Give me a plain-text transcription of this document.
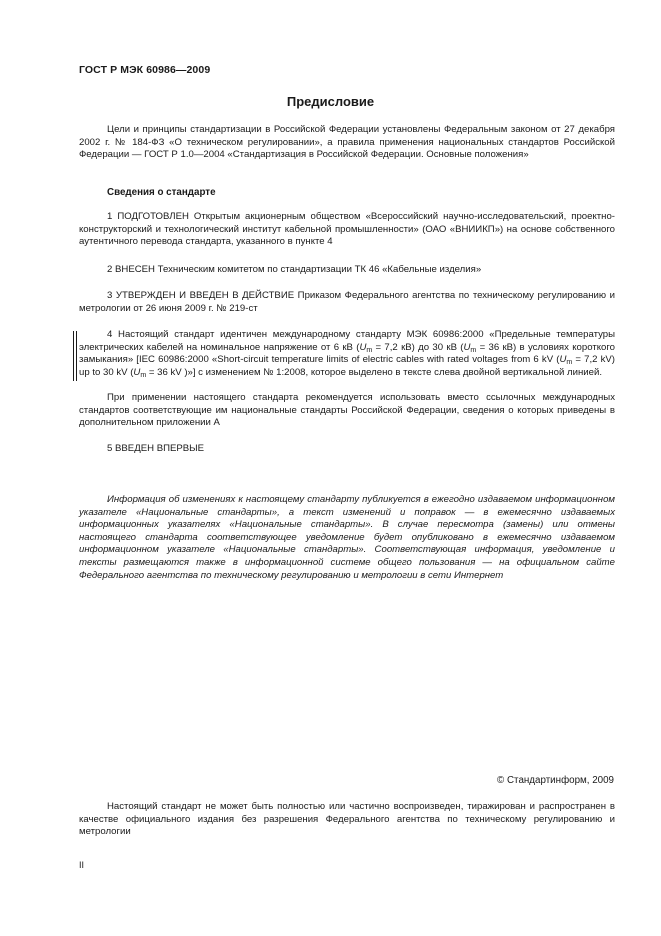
ГОСТ Р МЭК 60986—2009
Предисловие

Цели и принципы стандартизации в Российской Федерации установлены Федеральным законом от 27 декабря 2002 г. № 184-ФЗ «О техническом регулировании», а правила применения национальных стандартов Российской Федерации — ГОСТ Р 1.0—2004 «Стандартизация в Российской Федерации. Основные положения»

Сведения о стандарте

1 ПОДГОТОВЛЕН Открытым акционерным обществом «Всероссийский научно-исследовательский, проектно-конструкторский и технологический институт кабельной промышленности» (ОАО «ВНИИКП») на основе собственного аутентичного перевода стандарта, указанного в пункте 4

2 ВНЕСЕН Техническим комитетом по стандартизации ТК 46 «Кабельные изделия»

3 УТВЕРЖДЕН И ВВЕДЕН В ДЕЙСТВИЕ Приказом Федерального агентства по техническому регулированию и метрологии от 26 июня 2009 г. № 219-ст

4 Настоящий стандарт идентичен международному стандарту МЭК 60986:2000 «Предельные температуры электрических кабелей на номинальное напряжение от 6 кВ ($U_m = 7,2$ кВ) до 30 кВ ($U_m = 36$ кВ) в условиях короткого замыкания» [IEC 60986:2000 «Short-circuit temperature limits of electric cables with rated voltages from 6 kV ($U_m = 7,2$ kV) up to 30 kV ($U_m = 36$ kV )»] с изменением № 1:2008, которое выделено в тексте слева двойной вертикальной линией.

При применении настоящего стандарта рекомендуется использовать вместо ссылочных международных стандартов соответствующие им национальные стандарты Российской Федерации, сведения о которых приведены в дополнительном приложении А

5 ВВЕДЕН ВПЕРВЫЕ

Информация об изменениях к настоящему стандарту публикуется в ежегодно издаваемом информационном указателе «Национальные стандарты», а текст изменений и поправок — в ежемесячно издаваемых информационных указателях «Национальные стандарты». В случае пересмотра (замены) или отмены настоящего стандарта соответствующее уведомление будет опубликовано в ежемесячно издаваемом информационном указателе «Национальные стандарты». Соответствующая информация, уведомление и тексты размещаются также в информационной системе общего пользования — на официальном сайте Федерального агентства по техническому регулированию и метрологии в сети Интернет

© Стандартинформ, 2009

Настоящий стандарт не может быть полностью или частично воспроизведен, тиражирован и распространен в качестве официального издания без разрешения Федерального агентства по техническому регулированию и метрологии

II
